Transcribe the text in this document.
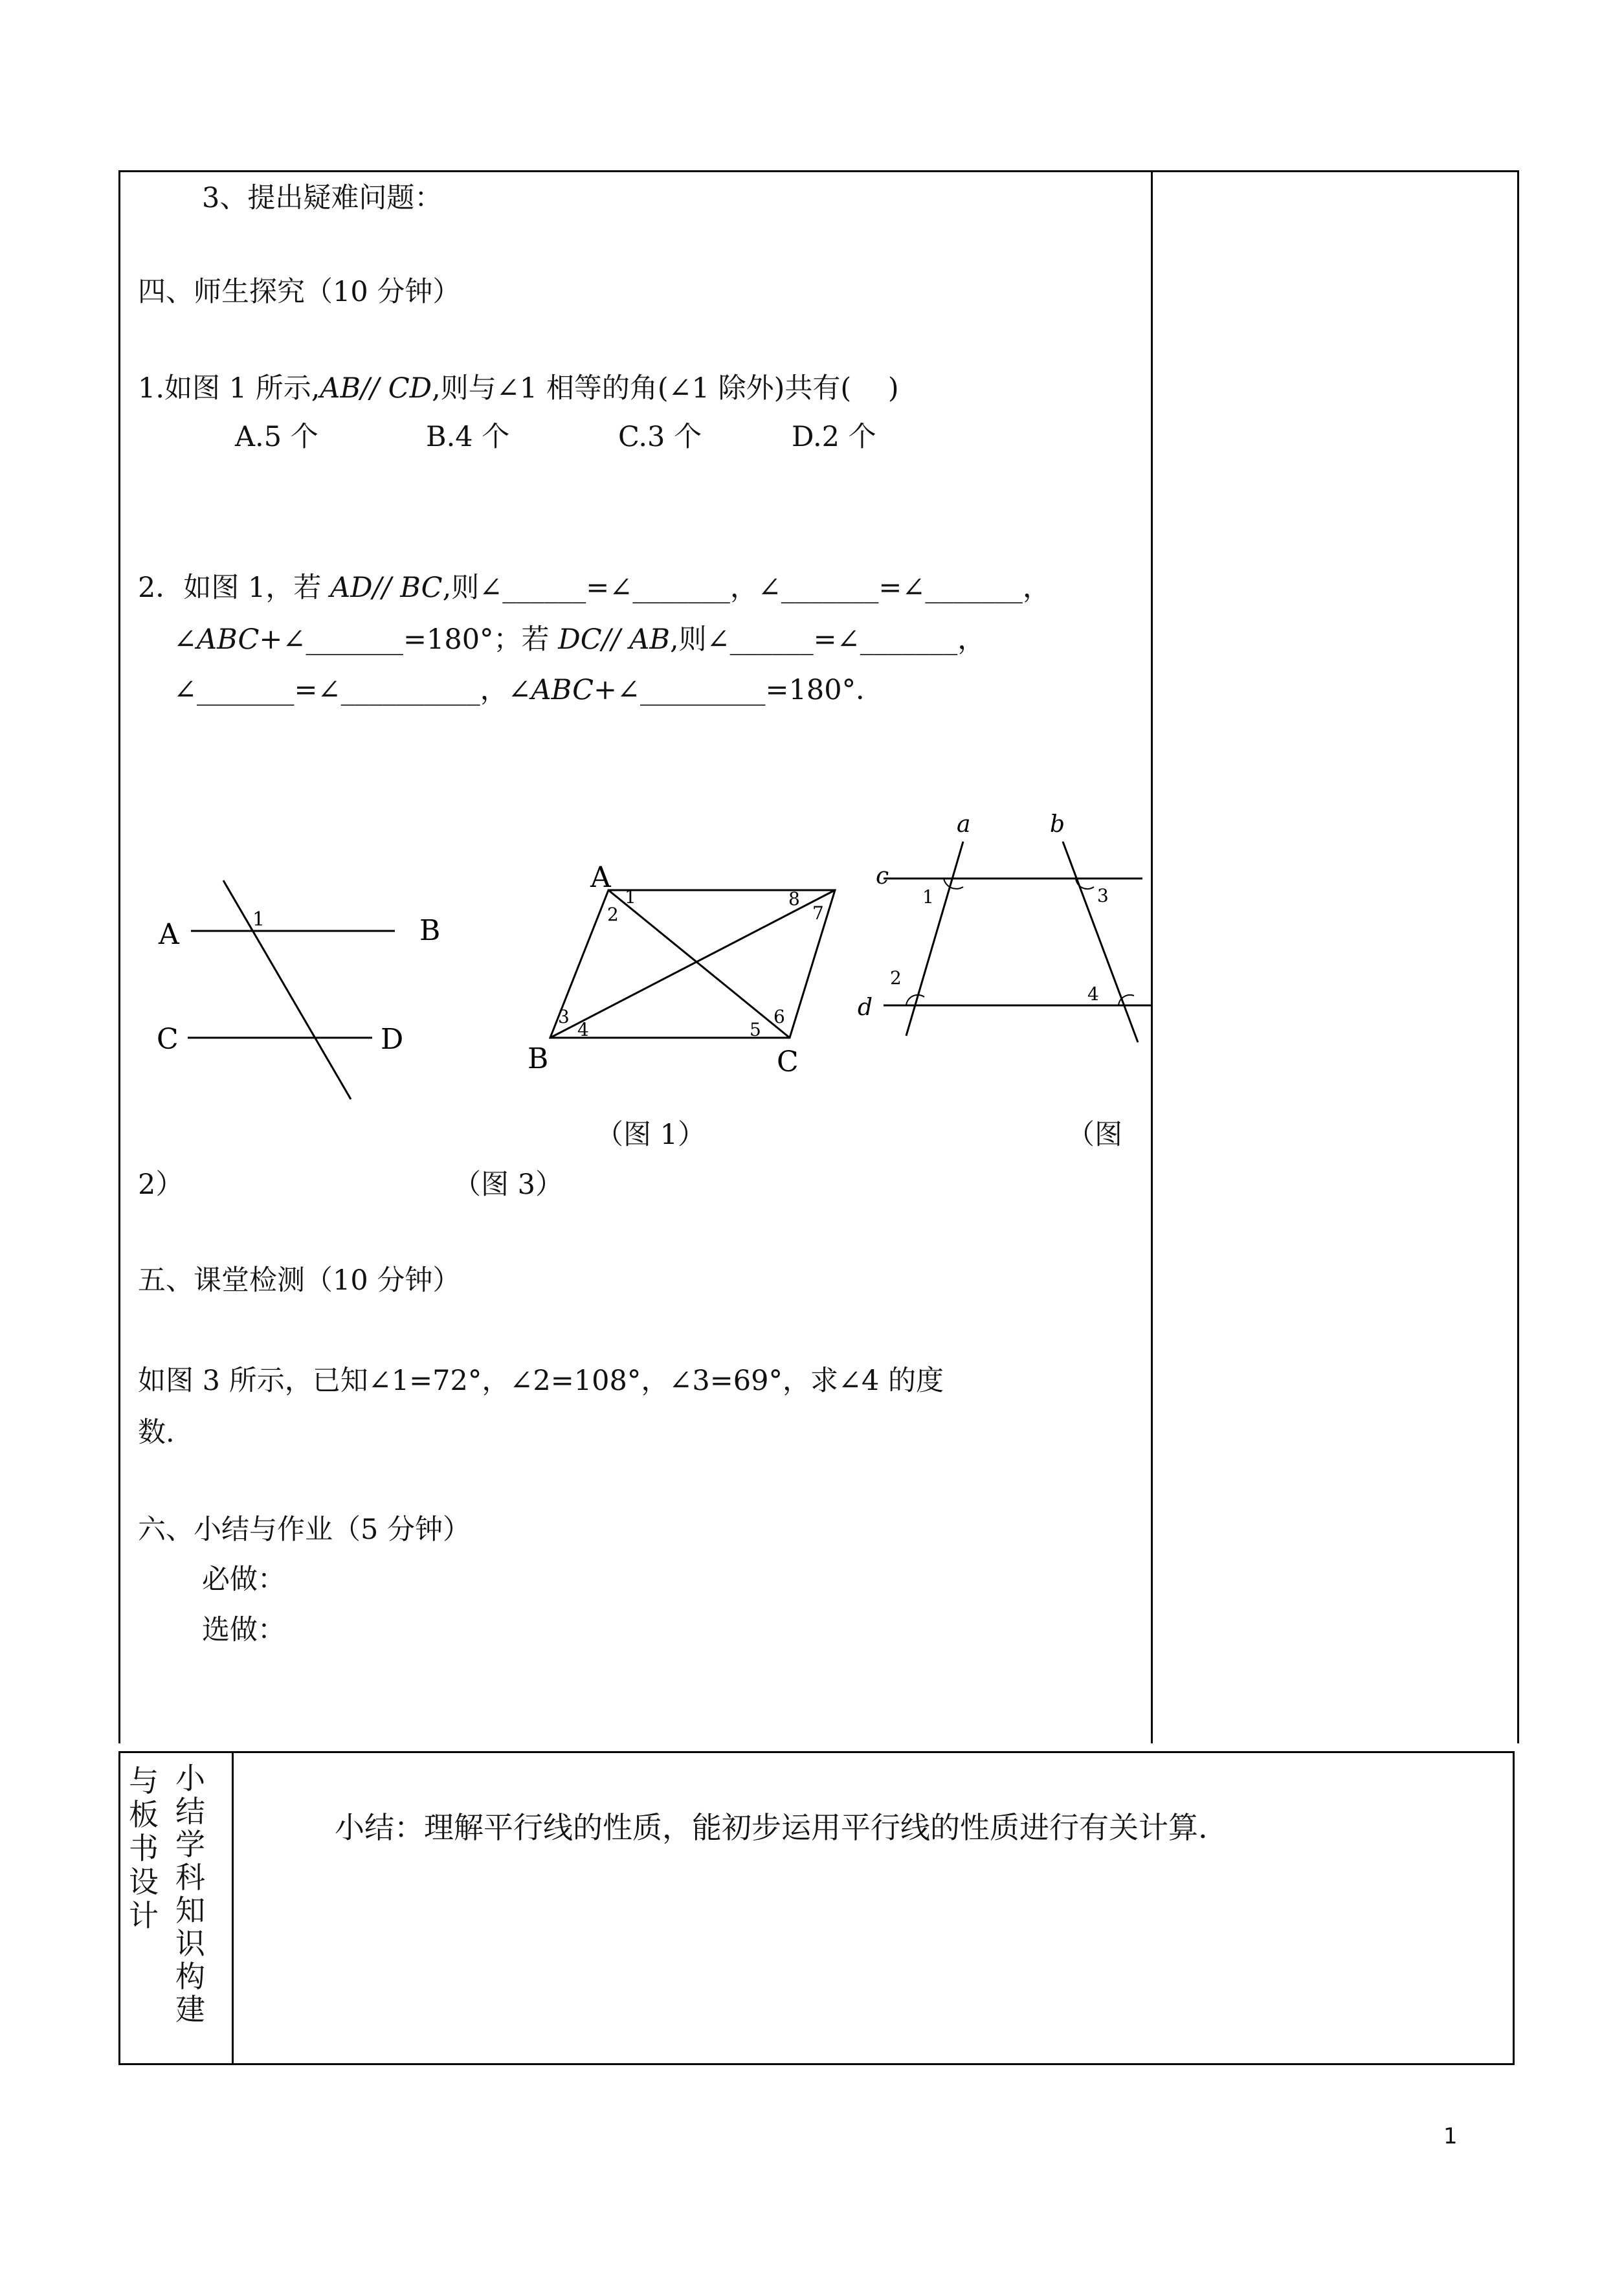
3、提出疑难问题：
四、师生探究（10 分钟）
1.如图 1 所示,AB// CD,则与∠1 相等的角(∠1 除外)共有(　 )
A.5 个	B.4 个	C.3 个	D.2 个
2．如图 1，若 AD// BC,则∠______=∠_______，∠_______=∠_______，
∠ABC+∠_______=180°；若 DC// AB,则∠______=∠_______，
∠_______=∠__________，∠ABC+∠_________=180°．
A	B
C	D
1
A
B	C
1
2
3
4	5
6
7
8
a	b
c
d
1
2
3
4
（图 1）	（图
2）	（图 3）
五、课堂检测（10 分钟）
如图 3 所示，已知∠1=72°，∠2=108°，∠3=69°，求∠4 的度
数.
六、小结与作业（5 分钟）
必做：
选做：
与板书设计
小结 学科知识构建
小结：理解平行线的性质，能初步运用平行线的性质进行有关计算.
1
